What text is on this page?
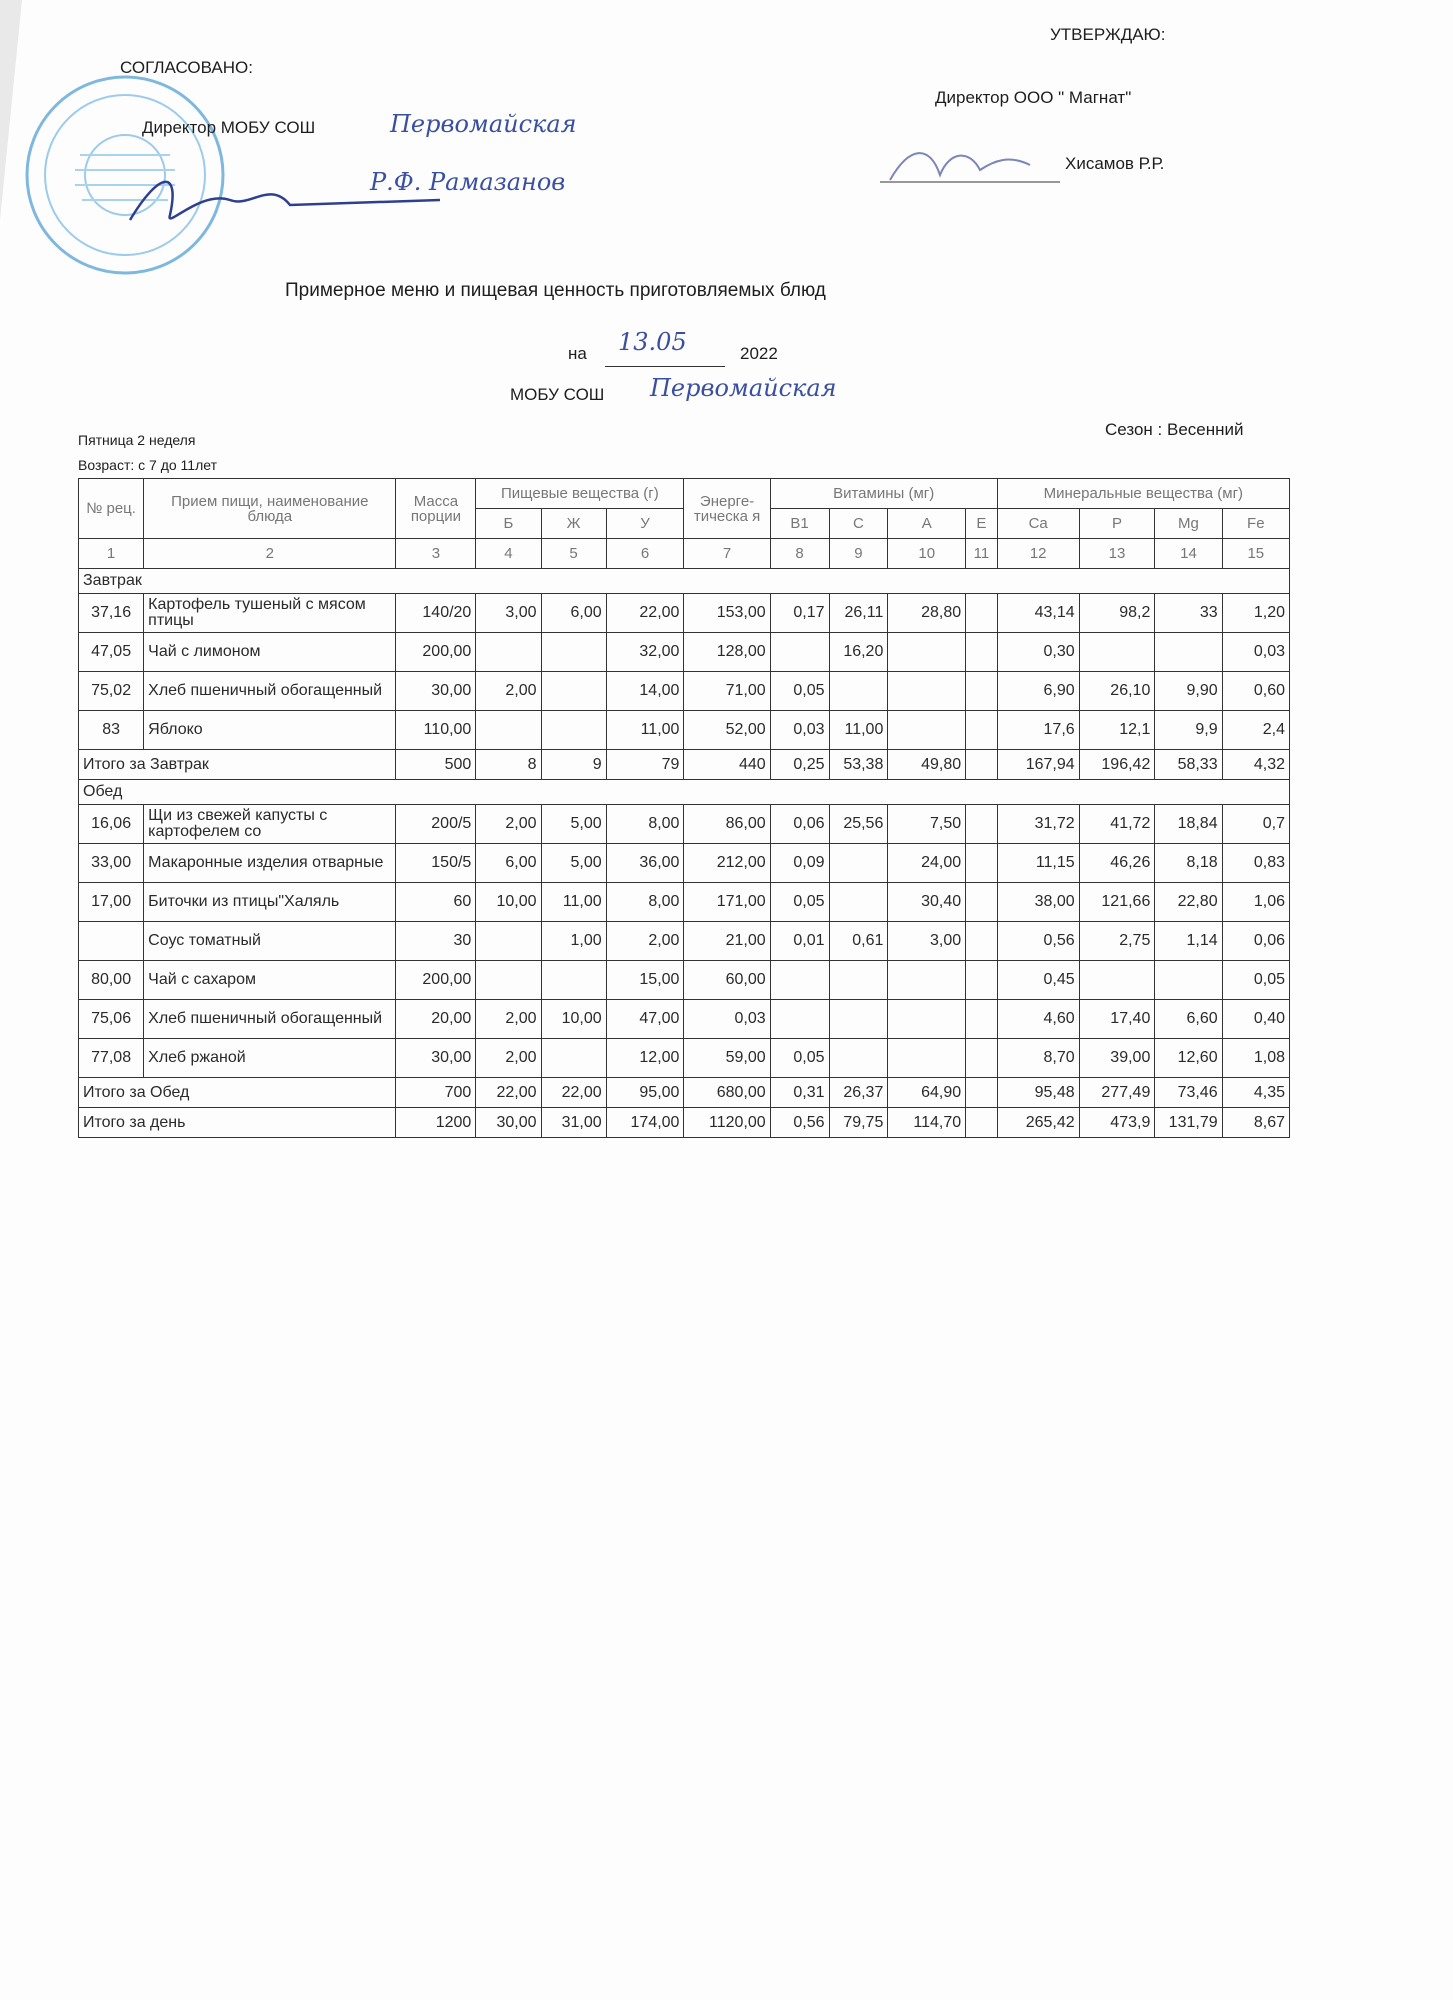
СОГЛАСОВАНО:
Директор МОБУ СОШ	Первомайская
Р.Ф. Рамазанов
УТВЕРЖДАЮ:
Директор ООО " Магнат"
Хисамов Р.Р.
Примерное меню и пищевая ценность приготовляемых блюд
на 13.05	2022
МОБУ СОШ Первомайская
Сезон : Весенний
Пятница 2 неделя
Возраст: с 7 до 11лет
№ рец.	Прием пищи, наименование блюда	Масса порции	Пищевые вещества (г)			Энерге-тическа я	Витамины (мг)				Минеральные вещества (мг)			
			Б	Ж	У		B1	C	A	E	Ca	P	Mg	Fe
1	2	3	4	5	6	7	8	9	10	11	12	13	14	15
Завтрак														
37,16	Картофель тушеный с мясом птицы	140/20	3,00	6,00	22,00	153,00	0,17	26,11	28,80		43,14	98,2	33	1,20
47,05	Чай с лимоном	200,00			32,00	128,00		16,20			0,30			0,03
75,02	Хлеб пшеничный обогащенный	30,00	2,00		14,00	71,00	0,05				6,90	26,10	9,90	0,60
83	Яблоко	110,00			11,00	52,00	0,03	11,00			17,6	12,1	9,9	2,4
Итого за Завтрак		500	8	9	79	440	0,25	53,38	49,80		167,94	196,42	58,33	4,32
Обед														
16,06	Щи из свежей капусты с картофелем со	200/5	2,00	5,00	8,00	86,00	0,06	25,56	7,50		31,72	41,72	18,84	0,7
33,00	Макаронные изделия отварные	150/5	6,00	5,00	36,00	212,00	0,09		24,00		11,15	46,26	8,18	0,83
17,00	Биточки из птицы"Халяль	60	10,00	11,00	8,00	171,00	0,05		30,40		38,00	121,66	22,80	1,06
	Соус томатный	30		1,00	2,00	21,00	0,01	0,61	3,00		0,56	2,75	1,14	0,06
80,00	Чай с сахаром	200,00			15,00	60,00					0,45			0,05
75,06	Хлеб пшеничный обогащенный	20,00	2,00	10,00	47,00	0,03					4,60	17,40	6,60	0,40
77,08	Хлеб ржаной	30,00	2,00		12,00	59,00	0,05				8,70	39,00	12,60	1,08
Итого за Обед		700	22,00	22,00	95,00	680,00	0,31	26,37	64,90		95,48	277,49	73,46	4,35
Итого за день		1200	30,00	31,00	174,00	1120,00	0,56	79,75	114,70		265,42	473,9	131,79	8,67
